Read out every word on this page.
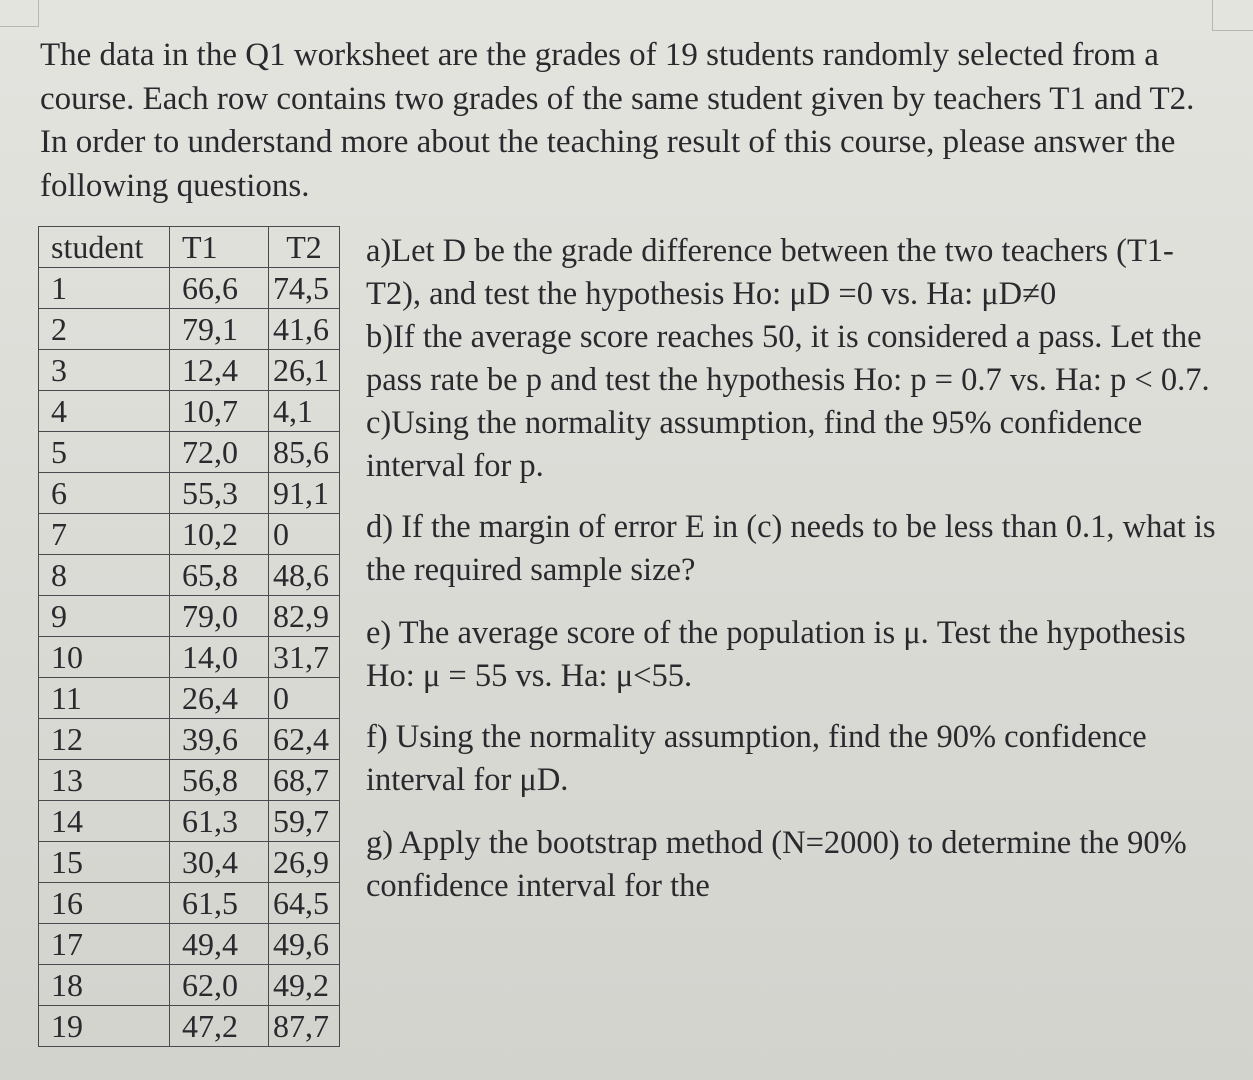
The data in the Q1 worksheet are the grades of 19 students randomly selected from a course. Each row contains two grades of the same student given by teachers T1 and T2. In order to understand more about the teaching result of this course, please answer the following questions.

student	T1	T2
1	66,6	74,5
2	79,1	41,6
3	12,4	26,1
4	10,7	4,1
5	72,0	85,6
6	55,3	91,1
7	10,2	0
8	65,8	48,6
9	79,0	82,9
10	14,0	31,7
11	26,4	0
12	39,6	62,4
13	56,8	68,7
14	61,3	59,7
15	30,4	26,9
16	61,5	64,5
17	49,4	49,6
18	62,0	49,2
19	47,2	87,7

a)Let D be the grade difference between the two teachers (T1-T2), and test the hypothesis Ho: μD =0 vs. Ha: μD≠0

b)If the average score reaches 50, it is considered a pass. Let the pass rate be p and test the hypothesis Ho: p = 0.7 vs. Ha: p < 0.7.

c)Using the normality assumption, find the 95% confidence interval for p.

d) If the margin of error E in (c) needs to be less than 0.1, what is the required sample size?

e) The average score of the population is μ. Test the hypothesis Ho: μ = 55 vs. Ha: μ<55.

f) Using the normality assumption, find the 90% confidence interval for μD.

g) Apply the bootstrap method (N=2000) to determine the 90% confidence interval for the
